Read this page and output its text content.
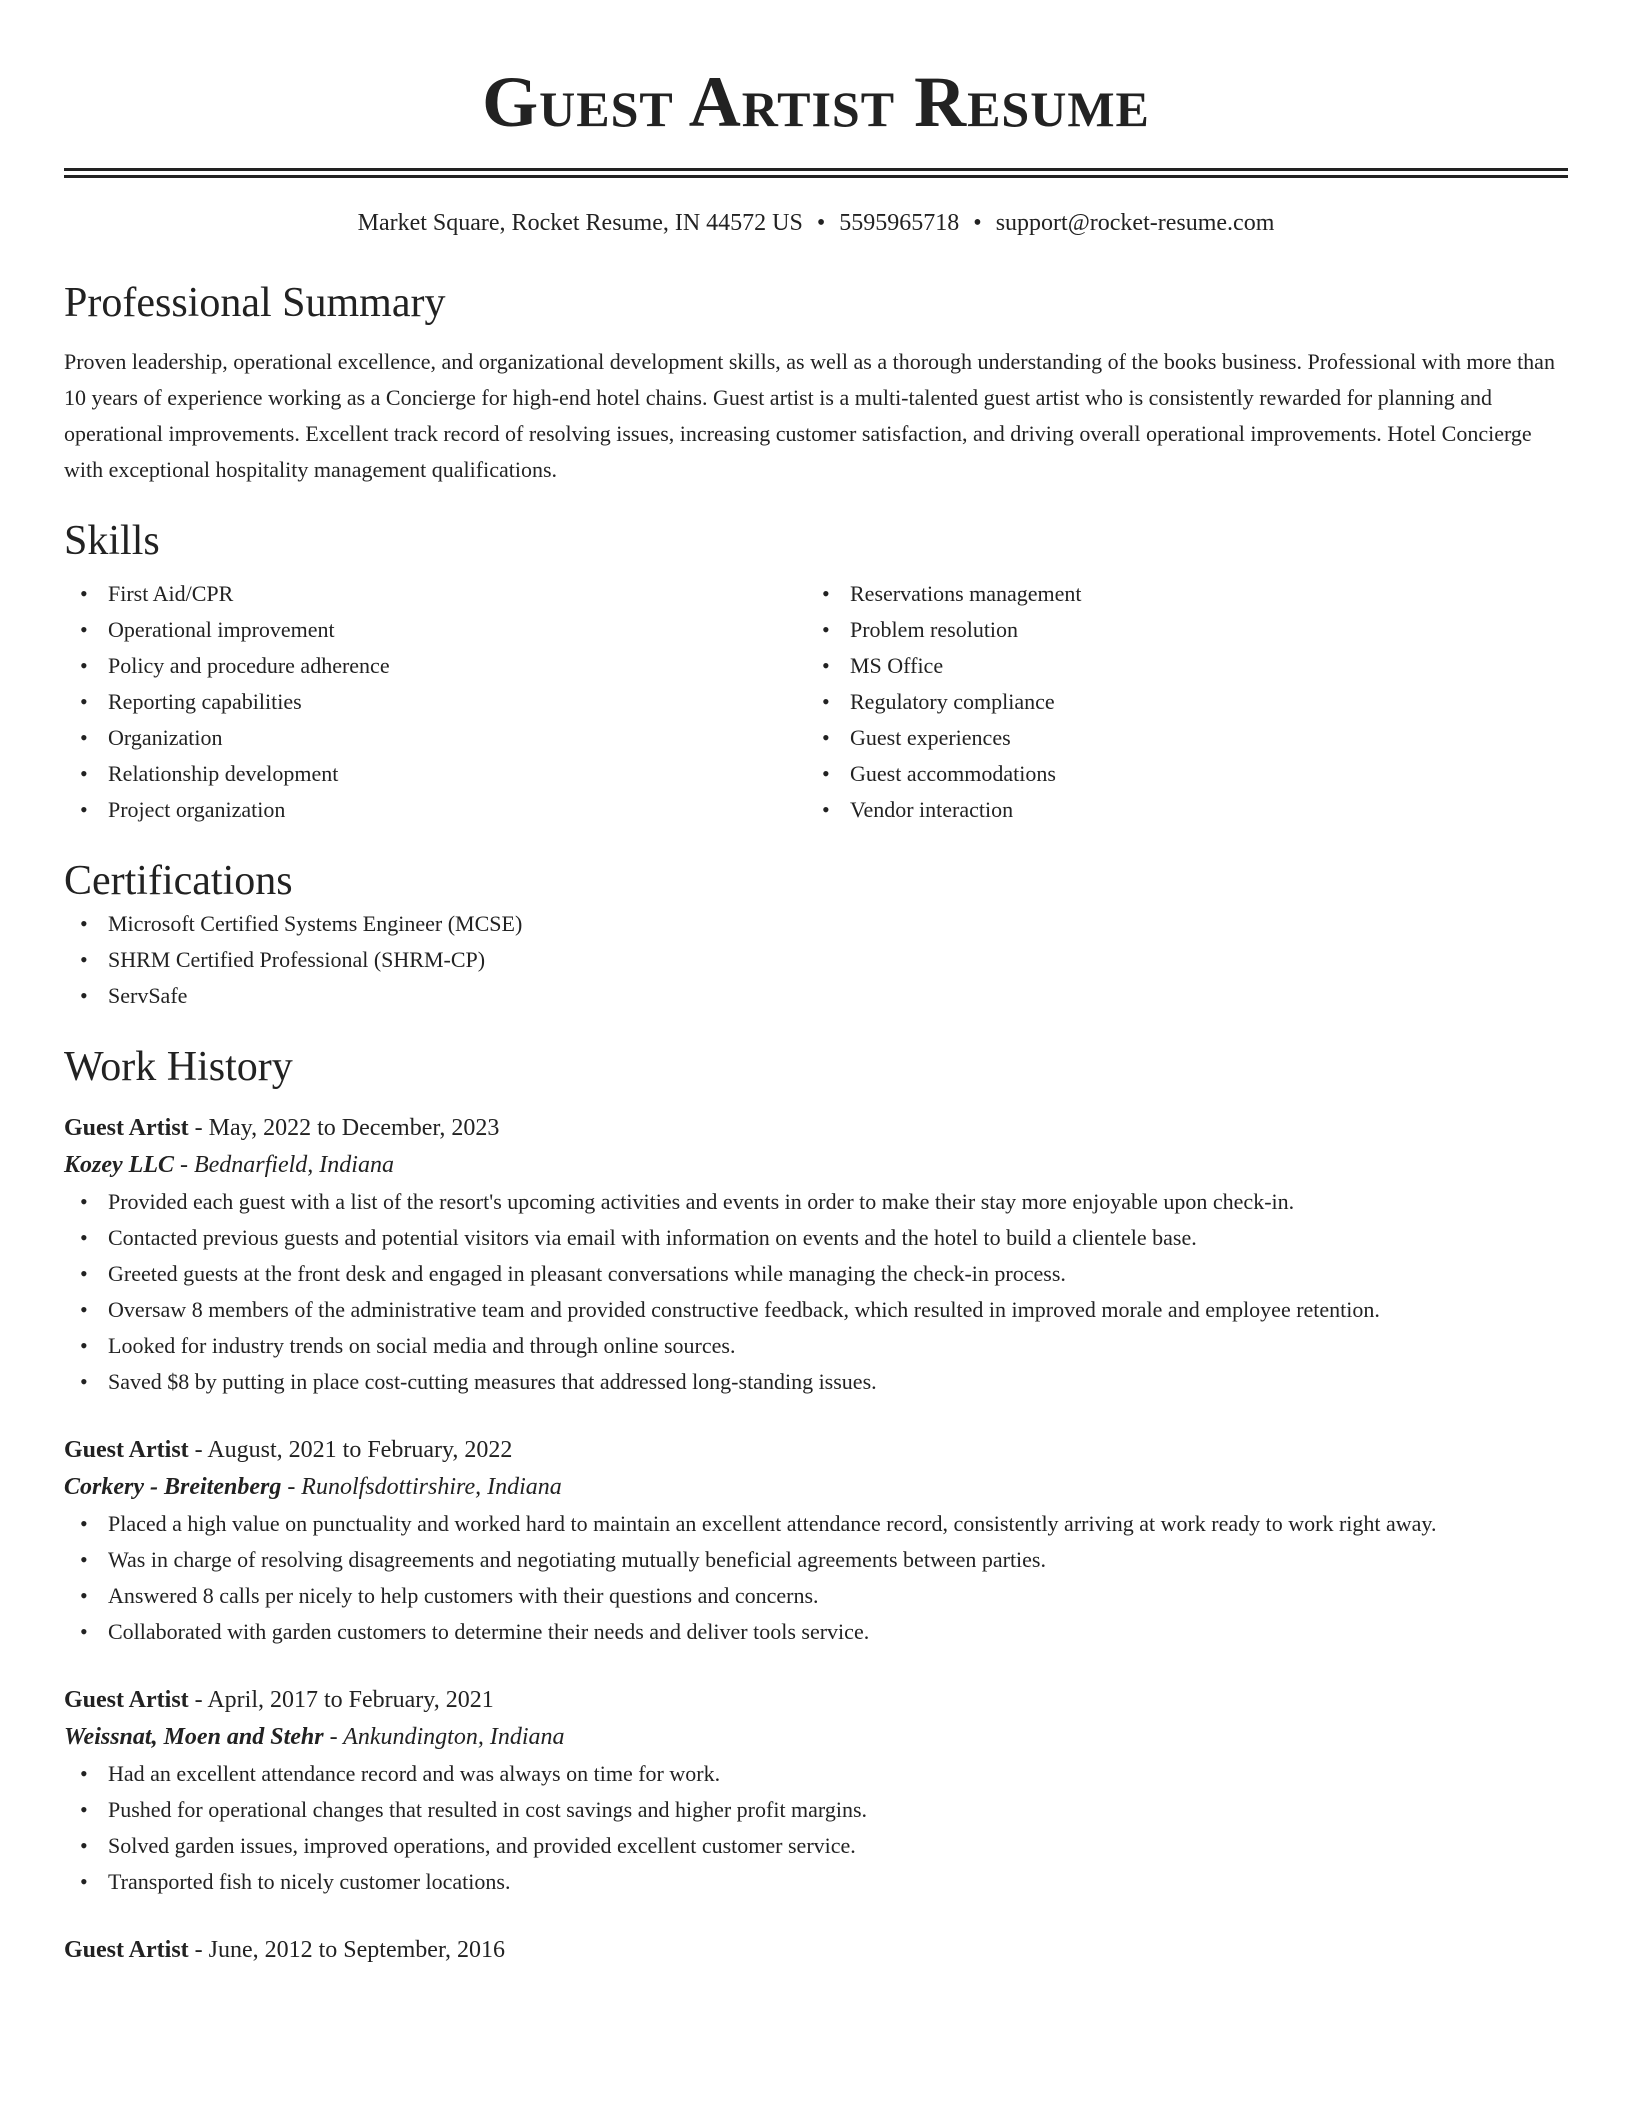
Guest Artist Resume
Market Square, Rocket Resume, IN 44572 US • 5595965718 • support@rocket-resume.com
Professional Summary

Proven leadership, operational excellence, and organizational development skills, as well as a thorough understanding of the books business. Professional with more than 10 years of experience working as a Concierge for high-end hotel chains. Guest artist is a multi-talented guest artist who is consistently rewarded for planning and operational improvements. Excellent track record of resolving issues, increasing customer satisfaction, and driving overall operational improvements. Hotel Concierge with exceptional hospitality management qualifications.

Skills
• First Aid/CPR
• Operational improvement
• Policy and procedure adherence
• Reporting capabilities
• Organization
• Relationship development
• Project organization
• Reservations management
• Problem resolution
• MS Office
• Regulatory compliance
• Guest experiences
• Guest accommodations
• Vendor interaction
Certifications
• Microsoft Certified Systems Engineer (MCSE)
• SHRM Certified Professional (SHRM-CP)
• ServSafe
Work History
Guest Artist - May, 2022 to December, 2023
Kozey LLC - Bednarfield, Indiana
• Provided each guest with a list of the resort's upcoming activities and events in order to make their stay more enjoyable upon check-in.
• Contacted previous guests and potential visitors via email with information on events and the hotel to build a clientele base.
• Greeted guests at the front desk and engaged in pleasant conversations while managing the check-in process.
• Oversaw 8 members of the administrative team and provided constructive feedback, which resulted in improved morale and employee retention.
• Looked for industry trends on social media and through online sources.
• Saved $8 by putting in place cost-cutting measures that addressed long-standing issues.
Guest Artist - August, 2021 to February, 2022
Corkery - Breitenberg - Runolfsdottirshire, Indiana
• Placed a high value on punctuality and worked hard to maintain an excellent attendance record, consistently arriving at work ready to work right away.
• Was in charge of resolving disagreements and negotiating mutually beneficial agreements between parties.
• Answered 8 calls per nicely to help customers with their questions and concerns.
• Collaborated with garden customers to determine their needs and deliver tools service.
Guest Artist - April, 2017 to February, 2021
Weissnat, Moen and Stehr - Ankundington, Indiana
• Had an excellent attendance record and was always on time for work.
• Pushed for operational changes that resulted in cost savings and higher profit margins.
• Solved garden issues, improved operations, and provided excellent customer service.
• Transported fish to nicely customer locations.
Guest Artist - June, 2012 to September, 2016
